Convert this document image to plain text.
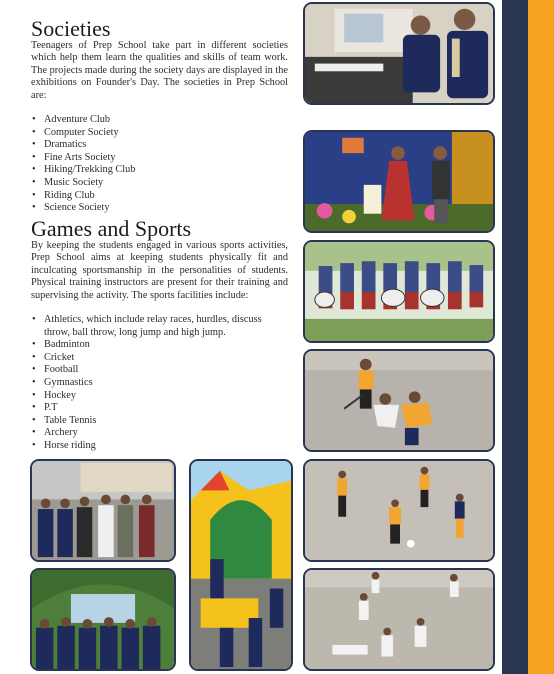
Societies

Teenagers of Prep School take part in different societies which help them learn the qualities and skills of team work. The projects made during the society days are displayed in the exhibitions on Founder's Day. The societies in Prep School are:

• Adventure Club
• Computer Society
• Dramatics
• Fine Arts Society
• Hiking/Trekking Club
• Music Society
• Riding Club
• Science Society
Games and Sports

By keeping the students engaged in various sports activities, Prep School aims at keeping students physically fit and inculcating sportsmanship in the personalities of students. Physical training instructors are present for their training and supervising the activity. The sports facilities include:

• Athletics, which include relay races, hurdles, discuss throw, ball throw, long jump and high jump.
• Badminton
• Cricket
• Football
• Gymnastics
• Hockey
• P.T
• Table Tennis
• Archery
• Horse riding
